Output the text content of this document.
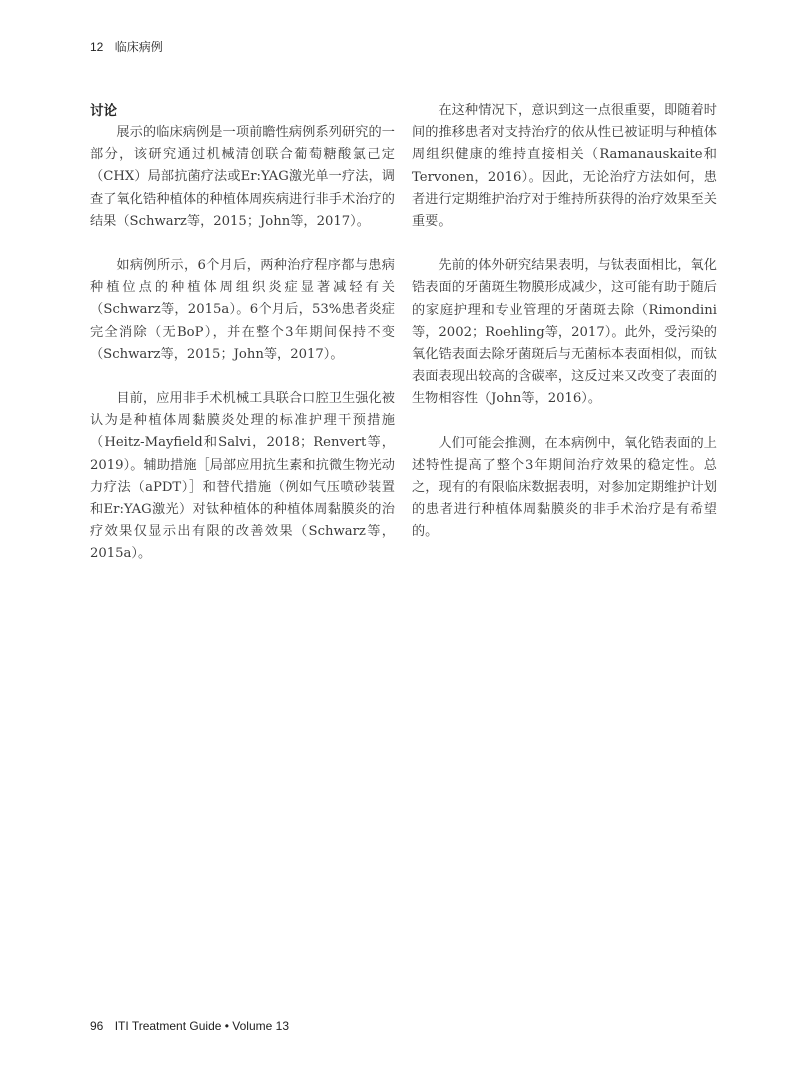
12 临床病例
讨论

展示的临床病例是一项前瞻性病例系列研究的一部分，该研究通过机械清创联合葡萄糖酸氯己定（CHX）局部抗菌疗法或Er:YAG激光单一疗法，调查了氧化锆种植体的种植体周疾病进行非手术治疗的结果（Schwarz等，2015；John等，2017）。

如病例所示，6个月后，两种治疗程序都与患病种植位点的种植体周组织炎症显著减轻有关（Schwarz等，2015a）。6个月后，53%患者炎症完全消除（无BoP），并在整个3年期间保持不变（Schwarz等，2015；John等，2017）。

目前，应用非手术机械工具联合口腔卫生强化被认为是种植体周黏膜炎处理的标准护理干预措施（Heitz-Mayfield和Salvi，2018；Renvert等，2019）。辅助措施［局部应用抗生素和抗微生物光动力疗法（aPDT）］和替代措施（例如气压喷砂装置和Er:YAG激光）对钛种植体的种植体周黏膜炎的治疗效果仅显示出有限的改善效果（Schwarz等，2015a）。

在这种情况下，意识到这一点很重要，即随着时间的推移患者对支持治疗的依从性已被证明与种植体周组织健康的维持直接相关（Ramanauskaite和Tervonen，2016）。因此，无论治疗方法如何，患者进行定期维护治疗对于维持所获得的治疗效果至关重要。

先前的体外研究结果表明，与钛表面相比，氧化锆表面的牙菌斑生物膜形成减少，这可能有助于随后的家庭护理和专业管理的牙菌斑去除（Rimondini等，2002；Roehling等，2017）。此外，受污染的氧化锆表面去除牙菌斑后与无菌标本表面相似，而钛表面表现出较高的含碳率，这反过来又改变了表面的生物相容性（John等，2016）。

人们可能会推测，在本病例中，氧化锆表面的上述特性提高了整个3年期间治疗效果的稳定性。总之，现有的有限临床数据表明，对参加定期维护计划的患者进行种植体周黏膜炎的非手术治疗是有希望的。

96 ITI Treatment Guide • Volume 13
